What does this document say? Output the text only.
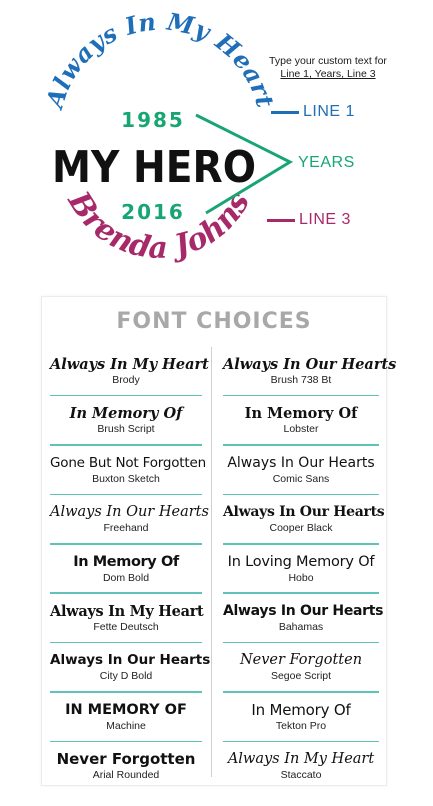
Always In My Heart
1985
MY HERO
2016
Brenda Johns
Type your custom text for
Line 1, Years, Line 3
LINE 1
YEARS
LINE 3
FONT CHOICES
Always In My Heart
Brody
In Memory Of
Brush Script
Gone But Not Forgotten
Buxton Sketch
Always In Our Hearts
Freehand
In Memory Of
Dom Bold
Always In My Heart
Fette Deutsch
Always In Our Hearts
City D Bold
IN MEMORY OF
Machine
Never Forgotten
Arial Rounded
Always In Our Hearts
Brush 738 Bt
In Memory Of
Lobster
Always In Our Hearts
Comic Sans
Always In Our Hearts
Cooper Black
In Loving Memory Of
Hobo
Always In Our Hearts
Bahamas
Never Forgotten
Segoe Script
In Memory Of
Tekton Pro
Always In My Heart
Staccato
